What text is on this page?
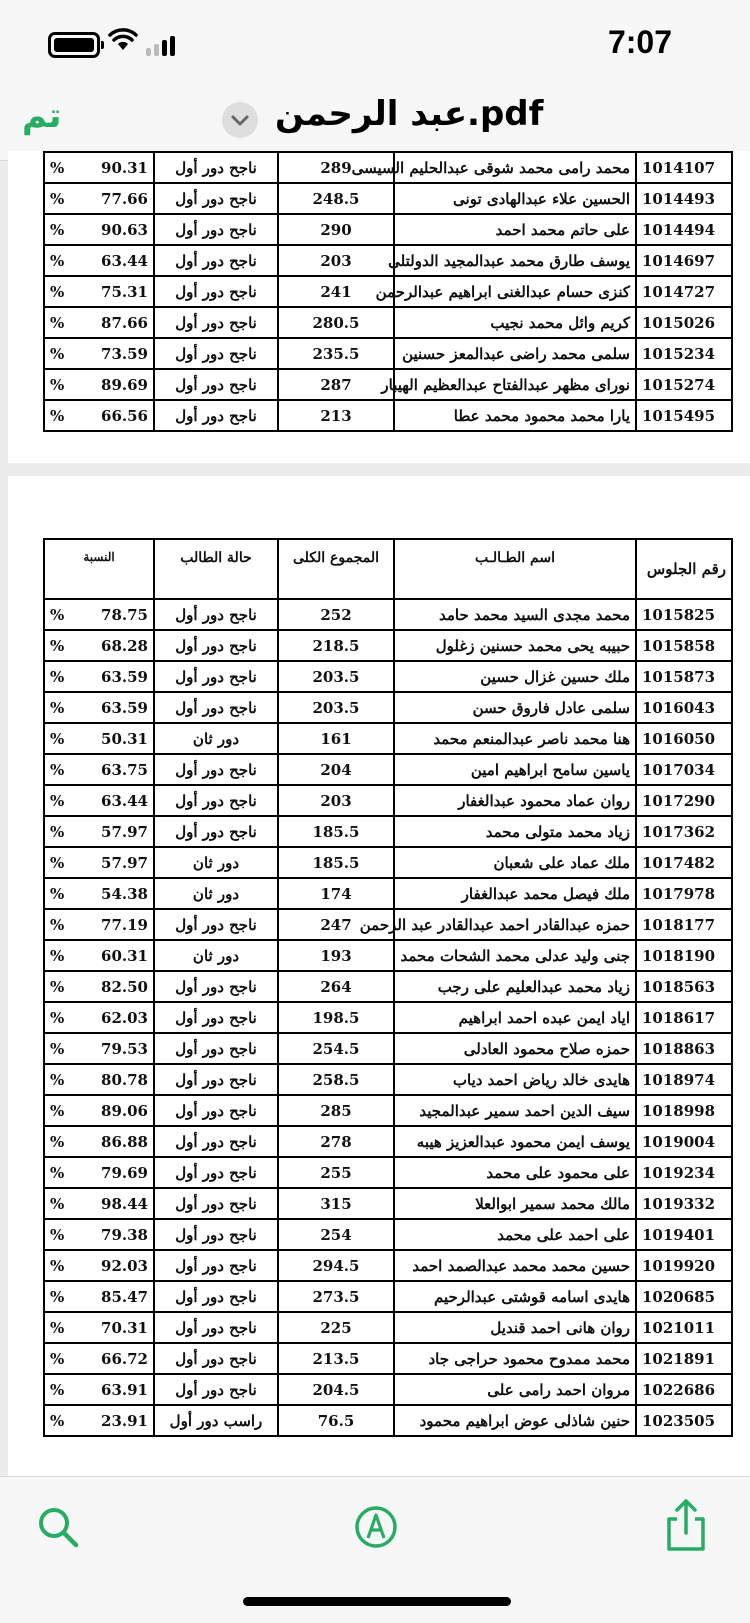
7:07
تم	عبد الرحمن.pdf
% 90.31	ناجح دور أول	289	محمد رامى محمد شوقى عبدالحليم السيسى	1014107

% 77.66	ناجح دور أول	248.5	الحسين علاء عبدالهادى تونى	1014493

% 90.63	ناجح دور أول	290	على حاتم محمد احمد	1014494

% 63.44	ناجح دور أول	203	يوسف طارق محمد عبدالمجيد الدولتلى	1014697

% 75.31	ناجح دور أول	241	كنزى حسام عبدالغنى ابراهيم عبدالرحمن	1014727

% 87.66	ناجح دور أول	280.5	كريم وائل محمد نجيب	1015026

% 73.59	ناجح دور أول	235.5	سلمى محمد راضى عبدالمعز حسنين	1015234

% 89.69	ناجح دور أول	287	نوراى مظهر عبدالفتاح عبدالعظيم الهيبار	1015274

% 66.56	ناجح دور أول	213	يارا محمد محمود محمد عطا	1015495
النسبة	حالة الطالب	المجموع الكلى	اسم الطـالـب	رقم الجلوس

% 78.75	ناجح دور أول	252	محمد مجدى السيد محمد حامد	1015825

% 68.28	ناجح دور أول	218.5	حبيبه يحى محمد حسنين زغلول	1015858

% 63.59	ناجح دور أول	203.5	ملك حسين غزال حسين	1015873

% 63.59	ناجح دور أول	203.5	سلمى عادل فاروق حسن	1016043

% 50.31	دور ثان	161	هنا محمد ناصر عبدالمنعم محمد	1016050

% 63.75	ناجح دور أول	204	ياسين سامح ابراهيم امين	1017034

% 63.44	ناجح دور أول	203	روان عماد محمود عبدالغفار	1017290

% 57.97	ناجح دور أول	185.5	زياد محمد متولى محمد	1017362

% 57.97	دور ثان	185.5	ملك عماد على شعبان	1017482

% 54.38	دور ثان	174	ملك فيصل محمد عبدالغفار	1017978

% 77.19	ناجح دور أول	247	حمزه عبدالقادر احمد عبدالقادر عبد الرحمن	1018177

% 60.31	دور ثان	193	جنى وليد عدلى محمد الشحات محمد	1018190

% 82.50	ناجح دور أول	264	زياد محمد عبدالعليم على رجب	1018563

% 62.03	ناجح دور أول	198.5	اياد ايمن عبده احمد ابراهيم	1018617

% 79.53	ناجح دور أول	254.5	حمزه صلاح محمود العادلى	1018863

% 80.78	ناجح دور أول	258.5	هايدى خالد رياض احمد دياب	1018974

% 89.06	ناجح دور أول	285	سيف الدين احمد سمير عبدالمجيد	1018998

% 86.88	ناجح دور أول	278	يوسف ايمن محمود عبدالعزيز هيبه	1019004

% 79.69	ناجح دور أول	255	على محمود على محمد	1019234

% 98.44	ناجح دور أول	315	مالك محمد سمير ابوالعلا	1019332

% 79.38	ناجح دور أول	254	على احمد على محمد	1019401

% 92.03	ناجح دور أول	294.5	حسين محمد محمد عبدالصمد احمد	1019920

% 85.47	ناجح دور أول	273.5	هايدى اسامه قوشتى عبدالرحيم	1020685

% 70.31	ناجح دور أول	225	روان هانى احمد قنديل	1021011

% 66.72	ناجح دور أول	213.5	محمد ممدوح محمود حراجى جاد	1021891

% 63.91	ناجح دور أول	204.5	مروان احمد رامى على	1022686

% 23.91	راسب دور أول	76.5	حنين شاذلى عوض ابراهيم محمود	1023505
